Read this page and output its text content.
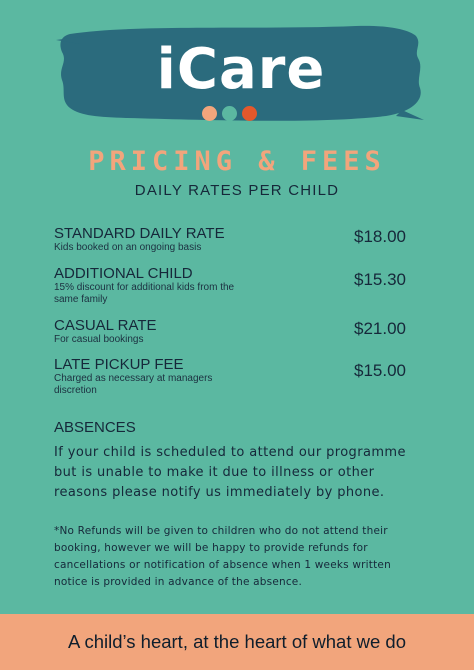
iCare
PRICING & FEES
DAILY RATES PER CHILD
STANDARD DAILY RATE
Kids booked on an ongoing basis
$18.00
ADDITIONAL CHILD
15% discount for additional kids from the same family
$15.30
CASUAL RATE
For casual bookings
$21.00
LATE PICKUP FEE
Charged as necessary at managers discretion
$15.00
ABSENCES
If your child is scheduled to attend our programme but is unable to make it due to illness or other reasons please notify us immediately by phone.
*No Refunds will be given to children who do not attend their booking, however we will be happy to provide refunds for cancellations or notification of absence when 1 weeks written notice is provided in advance of the absence.
A child’s heart, at the heart of what we do
